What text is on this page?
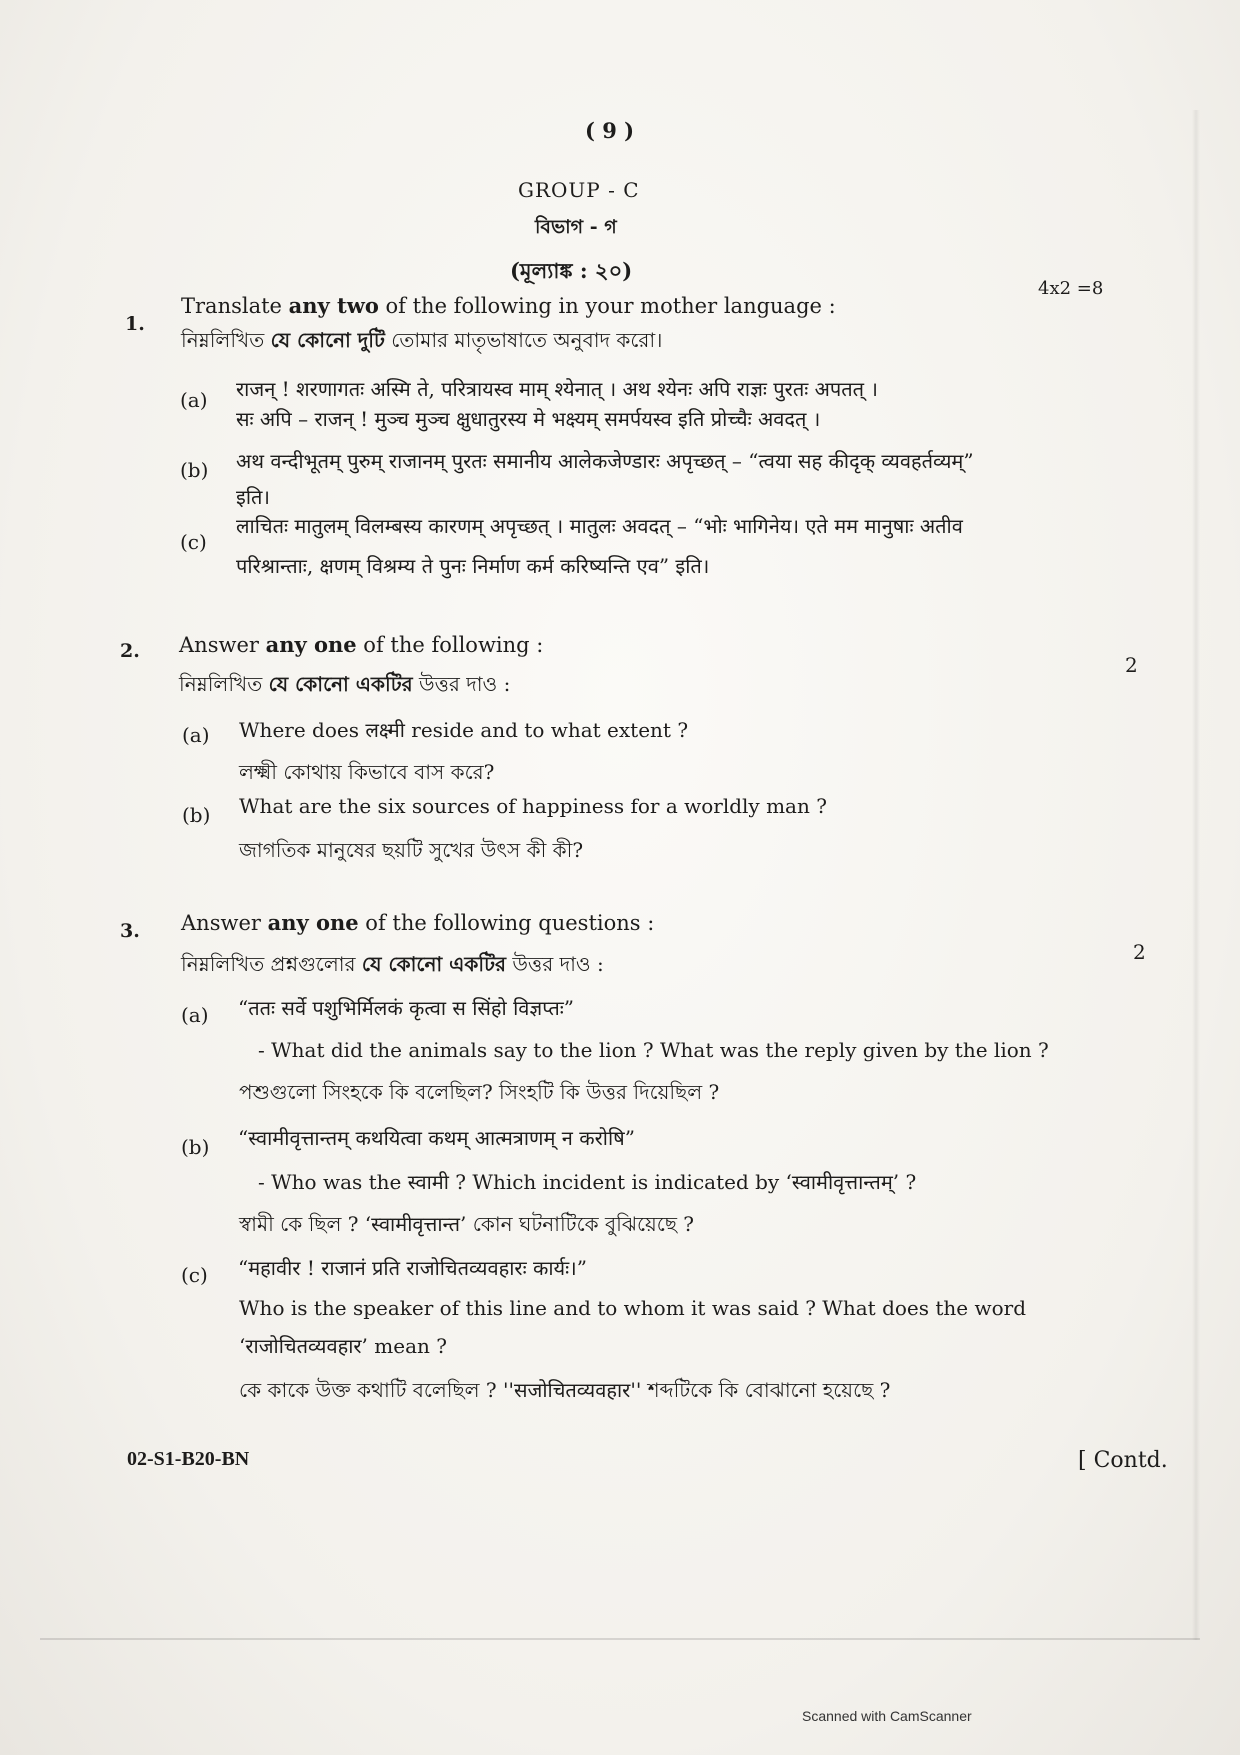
( 9 )
GROUP - C
বিভাগ - গ
(মূল্যাঙ্ক : ২০)
4x2 =8
1.
Translate any two of the following in your mother language :
নিম্নলিখিত যে কোনো দুটি তোমার মাতৃভাষাতে অনুবাদ করো।
(a) राजन् ! शरणागतः अस्मि ते, परित्रायस्व माम् श्येनात् । अथ श्येनः अपि राज्ञः पुरतः अपतत् ।
सः अपि – राजन् ! मुञ्च मुञ्च क्षुधातुरस्य मे भक्ष्यम् समर्पयस्व इति प्रोच्चैः अवदत् ।
(b) अथ वन्दीभूतम् पुरुम् राजानम् पुरतः समानीय आलेकजेण्डारः अपृच्छत् – “त्वया सह कीदृक् व्यवहर्तव्यम्”
इति।
(c)
लाचितः मातुलम् विलम्बस्य कारणम् अपृच्छत् । मातुलः अवदत् – “भोः भागिनेय। एते मम मानुषाः अतीव
परिश्रान्ताः, क्षणम् विश्रम्य ते पुनः निर्माण कर्म करिष्यन्ति एव” इति।
2. Answer any one of the following :
নিম্নলিখিত যে কোনো একটির উত্তর দাও :
2
(a) Where does लक्ष्मी reside and to what extent ?
লক্ষ্মী কোথায় কিভাবে বাস করে?
(b) What are the six sources of happiness for a worldly man ?
জাগতিক মানুষের ছয়টি সুখের উৎস কী কী?
3. Answer any one of the following questions :
নিম্নলিখিত প্রশ্নগুলোর যে কোনো একটির উত্তর দাও :	2
(a) “ततः सर्वे पशुभिर्मिलकं कृत्वा स सिंहो विज्ञप्तः”
- What did the animals say to the lion ? What was the reply given by the lion ?
পশুগুলো সিংহকে কি বলেছিল? সিংহটি কি উত্তর দিয়েছিল ?
(b) “स्वामीवृत्तान्तम् कथयित्वा कथम् आत्मत्राणम् न करोषि”
- Who was the स्वामी ? Which incident is indicated by ‘स्वामीवृत्तान्तम्’ ?
স্বামী কে ছিল ? ‘स्वामीवृत्तान्त’ কোন ঘটনাটিকে বুঝিয়েছে ?
(c) “महावीर ! राजानं प्रति राजोचितव्यवहारः कार्यः।”
Who is the speaker of this line and to whom it was said ? What does the word
‘राजोचितव्यवहार’ mean ?
কে কাকে উক্ত কথাটি বলেছিল ? ''सजोचितव्यवहार'' শব্দটিকে কি বোঝানো হয়েছে ?
02-S1-B20-BN	[ Contd.
Scanned with CamScanner
